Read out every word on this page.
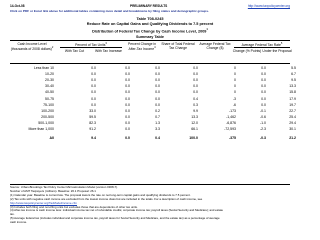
14-Oct-08	PRELIMINARY RESULTS	http://www.taxpolicycenter.org
Click on PDF or Excel link above for additional tables containing more detail and breakdowns by filing status and demographic groups.
Table T08-0245
Reduce Rate on Capital Gains and Qualifying Dividends to 7.5 percent
Distribution of Federal Tax Change by Cash Income Level, 2009$^1$
Summary Table
Cash Income Level (thousands of 2008 dollars)$^2$
Percent of Tax Units$^3$
With Tax Cut	With Tax Increase
Percent Change in After-Tax Income$^4$
Share of Total Federal Tax Change
Average Federal Tax Change ($)
Average Federal Tax Rate$^5$
Change (% Points) Under the Proposal
Less than 10	0.0	0.0	0.0	0.0	0	0.0	5.5
10-20	0.0	0.0	0.0	0.0	0	0.0	6.7
20-30	0.0	0.0	0.0	0.0	0	0.0	9.5
30-40	0.0	0.0	0.0	0.0	0	0.0	13.3
40-50	0.0	0.0	0.0	0.0	0	0.0	15.8
50-75	0.0	0.0	0.0	0.4	-3	0.0	17.9
75-100	0.0	0.0	0.0	0.3	-6	0.0	19.7
100-200	33.0	0.0	0.2	9.9	-173	-0.1	22.7
200-500	59.5	0.0	0.7	13.3	-1,462	-0.6	25.4
500-1,000	82.3	0.0	1.3	12.0	-6,876	-1.0	29.4
More than 1,000	91.2	0.0	3.3	66.1	-72,593	-2.3	30.1
All	9.4	0.0	0.4	100.0	-375	-0.3	21.2
Source: Urban-Brookings Tax Policy Center Microsimulation Model (version 0308-7).
Number of AMT Taxpayers (millions). Baseline: 26.1 Proposal: 26.1
(1) Calendar year. Baseline is current law. The proposal lowers the rate on net long-term capital gains and qualifying dividends to 7.5 percent.
(2) Tax units with negative cash income are excluded from the lowest income class but are included in the totals. For a description of cash income, see
http://www.taxpolicycenter.org/TaxModel/income.cfm
(3) Includes both filing and non-filing units but excludes those that are dependents of other tax units.
(4) After-tax income is cash income less: individual income tax net of refundable credits; corporate income tax; payroll taxes (Social Security and Medicare); and estate
tax.
(5) Average federal tax (includes individual and corporate income tax, payroll taxes for Social Security and Medicare, and the estate tax) as a percentage of average
cash income.
